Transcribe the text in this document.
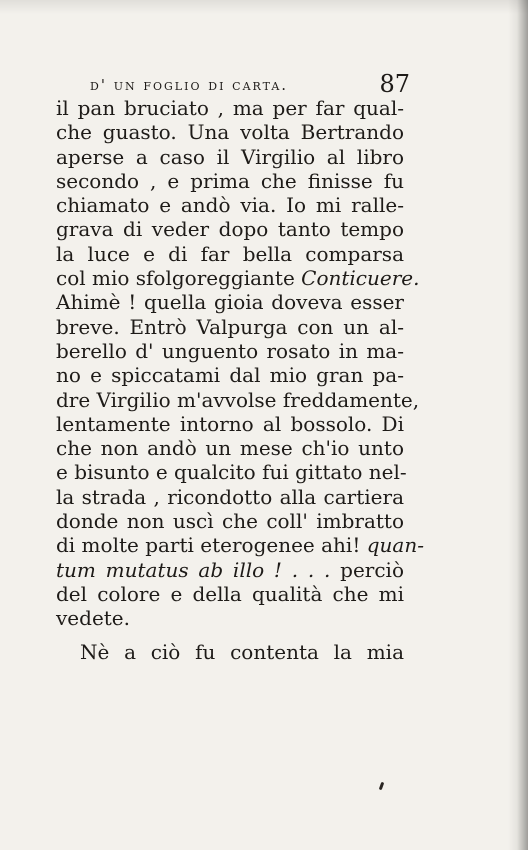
d' un foglio di carta.	87
il pan bruciato , ma per far qual-
che guasto. Una volta Bertrando
aperse a caso il Virgilio al libro
secondo , e prima che finisse fu
chiamato e andò via. Io mi ralle-
grava di veder dopo tanto tempo
la luce e di far bella comparsa
col mio sfolgoreggiante Conticuere.
Ahimè ! quella gioia doveva esser
breve. Entrò Valpurga con un al-
berello d' unguento rosato in ma-
no e spiccatami dal mio gran pa-
dre Virgilio m'avvolse freddamente,
lentamente intorno al bossolo. Di
che non andò un mese ch'io unto
e bisunto e qualcito fui gittato nel-
la strada , ricondotto alla cartiera
donde non uscì che coll' imbratto
di molte parti eterogenee ahi! quan-
tum mutatus ab illo ! . . . perciò
del colore e della qualità che mi
vedete.
Nè a ciò fu contenta la mia
